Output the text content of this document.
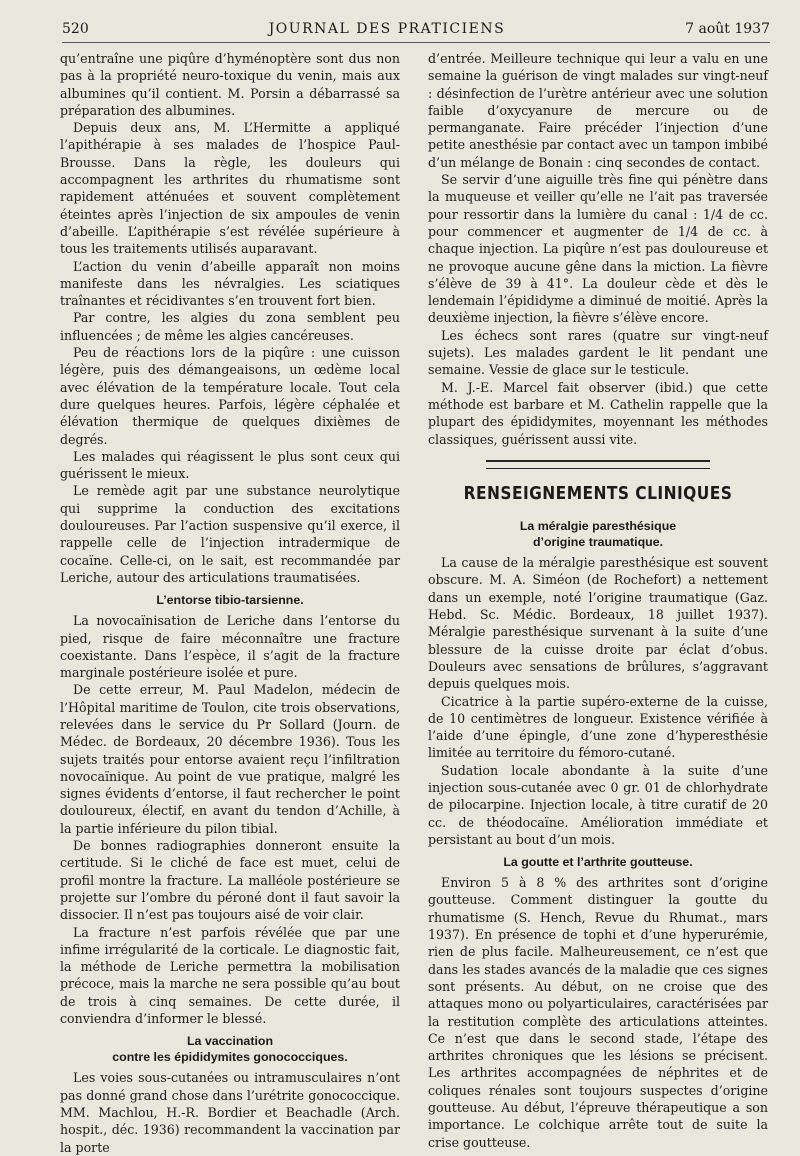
520	JOURNAL DES PRATICIENS	7 août 1937

qu’entraîne une piqûre d’hyménoptère sont dus non pas à la propriété neuro-toxique du venin, mais aux albumines qu’il contient. M. Porsin a débarrassé sa préparation des albumines.

Depuis deux ans, M. L’Hermitte a appliqué l’apithérapie à ses malades de l’hospice Paul-Brousse. Dans la règle, les douleurs qui accompagnent les arthrites du rhumatisme sont rapidement atténuées et souvent complètement éteintes après l’injection de six ampoules de venin d’abeille. L’apithérapie s’est révélée supérieure à tous les traitements utilisés auparavant.

L’action du venin d’abeille apparaît non moins manifeste dans les névralgies. Les sciatiques traînantes et récidivantes s’en trouvent fort bien.

Par contre, les algies du zona semblent peu influencées ; de même les algies cancéreuses.

Peu de réactions lors de la piqûre : une cuisson légère, puis des démangeaisons, un œdème local avec élévation de la température locale. Tout cela dure quelques heures. Parfois, légère céphalée et élévation thermique de quelques dixièmes de degrés.

Les malades qui réagissent le plus sont ceux qui guérissent le mieux.

Le remède agit par une substance neurolytique qui supprime la conduction des excitations douloureuses. Par l’action suspensive qu’il exerce, il rappelle celle de l’injection intradermique de cocaïne. Celle-ci, on le sait, est recommandée par Leriche, autour des articulations traumatisées.

L’entorse tibio-tarsienne.

La novocaïnisation de Leriche dans l’entorse du pied, risque de faire méconnaître une fracture coexistante. Dans l’espèce, il s’agit de la fracture marginale postérieure isolée et pure.

De cette erreur, M. Paul Madelon, médecin de l’Hôpital maritime de Toulon, cite trois observations, relevées dans le service du Pr Sollard (Journ. de Médec. de Bordeaux, 20 décembre 1936). Tous les sujets traités pour entorse avaient reçu l’infiltration novocaïnique. Au point de vue pratique, malgré les signes évidents d’entorse, il faut rechercher le point douloureux, électif, en avant du tendon d’Achille, à la partie inférieure du pilon tibial.

De bonnes radiographies donneront ensuite la certitude. Si le cliché de face est muet, celui de profil montre la fracture. La malléole postérieure se projette sur l’ombre du péroné dont il faut savoir la dissocier. Il n’est pas toujours aisé de voir clair.

La fracture n’est parfois révélée que par une infime irrégularité de la corticale. Le diagnostic fait, la méthode de Leriche permettra la mobilisation précoce, mais la marche ne sera possible qu’au bout de trois à cinq semaines. De cette durée, il conviendra d’informer le blessé.

La vaccination
contre les épididymites gonococciques.

Les voies sous-cutanées ou intramusculaires n’ont pas donné grand chose dans l’urétrite gonococcique. MM. Machlou, H.-R. Bordier et Beachadle (Arch. hospit., déc. 1936) recommandent la vaccination par la porte

d’entrée. Meilleure technique qui leur a valu en une semaine la guérison de vingt malades sur vingt-neuf : désinfection de l’urètre antérieur avec une solution faible d’oxycyanure de mercure ou de permanganate. Faire précéder l’injection d’une petite anesthésie par contact avec un tampon imbibé d’un mélange de Bonain : cinq secondes de contact.

Se servir d’une aiguille très fine qui pénètre dans la muqueuse et veiller qu’elle ne l’ait pas traversée pour ressortir dans la lumière du canal : 1/4 de cc. pour commencer et augmenter de 1/4 de cc. à chaque injection. La piqûre n’est pas douloureuse et ne provoque aucune gêne dans la miction. La fièvre s’élève de 39 à 41°. La douleur cède et dès le lendemain l’épididyme a diminué de moitié. Après la deuxième injection, la fièvre s’élève encore.

Les échecs sont rares (quatre sur vingt-neuf sujets). Les malades gardent le lit pendant une semaine. Vessie de glace sur le testicule.

M. J.-E. Marcel fait observer (ibid.) que cette méthode est barbare et M. Cathelin rappelle que la plupart des épididymites, moyennant les méthodes classiques, guérissent aussi vite.

RENSEIGNEMENTS CLINIQUES
La méralgie paresthésique
d’origine traumatique.

La cause de la méralgie paresthésique est souvent obscure. M. A. Siméon (de Rochefort) a nettement dans un exemple, noté l’origine traumatique (Gaz. Hebd. Sc. Médic. Bordeaux, 18 juillet 1937). Méralgie paresthésique survenant à la suite d’une blessure de la cuisse droite par éclat d’obus. Douleurs avec sensations de brûlures, s’aggravant depuis quelques mois.

Cicatrice à la partie supéro-externe de la cuisse, de 10 centimètres de longueur. Existence vérifiée à l’aide d’une épingle, d’une zone d’hyperesthésie limitée au territoire du fémoro-cutané.

Sudation locale abondante à la suite d’une injection sous-cutanée avec 0 gr. 01 de chlorhydrate de pilocarpine. Injection locale, à titre curatif de 20 cc. de théodocaïne. Amélioration immédiate et persistant au bout d’un mois.

La goutte et l’arthrite goutteuse.

Environ 5 à 8 % des arthrites sont d’origine goutteuse. Comment distinguer la goutte du rhumatisme (S. Hench, Revue du Rhumat., mars 1937). En présence de tophi et d’une hyperurémie, rien de plus facile. Malheureusement, ce n’est que dans les stades avancés de la maladie que ces signes sont présents. Au début, on ne croise que des attaques mono ou polyarticulaires, caractérisées par la restitution complète des articulations atteintes. Ce n’est que dans le second stade, l’étape des arthrites chroniques que les lésions se précisent. Les arthrites accompagnées de néphrites et de coliques rénales sont toujours suspectes d’origine goutteuse. Au début, l’épreuve thérapeutique a son importance. Le colchique arrête tout de suite la crise goutteuse.
